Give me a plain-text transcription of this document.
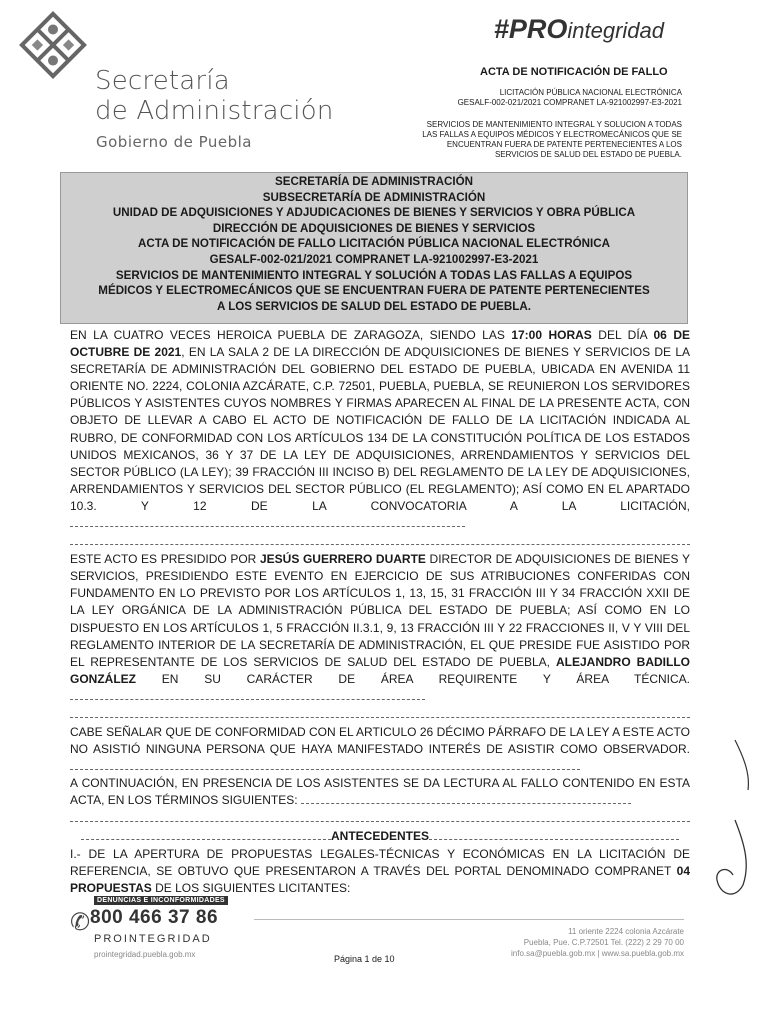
Secretaría
de Administración
Gobierno de Puebla
#PROintegridad
ACTA DE NOTIFICACIÓN DE FALLO
LICITACIÓN PÚBLICA NACIONAL ELECTRÓNICA
GESALF-002-021/2021 COMPRANET LA-921002997-E3-2021
SERVICIOS DE MANTENIMIENTO INTEGRAL Y SOLUCION A TODAS
LAS FALLAS A EQUIPOS MÉDICOS Y ELECTROMECÁNICOS QUE SE
ENCUENTRAN FUERA DE PATENTE PERTENECIENTES A LOS
SERVICIOS DE SALUD DEL ESTADO DE PUEBLA.
SECRETARÍA DE ADMINISTRACIÓN
SUBSECRETARÍA DE ADMINISTRACIÓN
UNIDAD DE ADQUISICIONES Y ADJUDICACIONES DE BIENES Y SERVICIOS Y OBRA PÚBLICA
DIRECCIÓN DE ADQUISICIONES DE BIENES Y SERVICIOS
ACTA DE NOTIFICACIÓN DE FALLO LICITACIÓN PÚBLICA NACIONAL ELECTRÓNICA
GESALF-002-021/2021 COMPRANET LA-921002997-E3-2021
SERVICIOS DE MANTENIMIENTO INTEGRAL Y SOLUCIÓN A TODAS LAS FALLAS A EQUIPOS
MÉDICOS Y ELECTROMECÁNICOS QUE SE ENCUENTRAN FUERA DE PATENTE PERTENECIENTES
A LOS SERVICIOS DE SALUD DEL ESTADO DE PUEBLA.

EN LA CUATRO VECES HEROICA PUEBLA DE ZARAGOZA, SIENDO LAS 17:00 HORAS DEL DÍA 06 DE OCTUBRE DE 2021, EN LA SALA 2 DE LA DIRECCIÓN DE ADQUISICIONES DE BIENES Y SERVICIOS DE LA SECRETARÍA DE ADMINISTRACIÓN DEL GOBIERNO DEL ESTADO DE PUEBLA, UBICADA EN AVENIDA 11 ORIENTE NO. 2224, COLONIA AZCÁRATE, C.P. 72501, PUEBLA, PUEBLA, SE REUNIERON LOS SERVIDORES PÚBLICOS Y ASISTENTES CUYOS NOMBRES Y FIRMAS APARECEN AL FINAL DE LA PRESENTE ACTA, CON OBJETO DE LLEVAR A CABO EL ACTO DE NOTIFICACIÓN DE FALLO DE LA LICITACIÓN INDICADA AL RUBRO, DE CONFORMIDAD CON LOS ARTÍCULOS 134 DE LA CONSTITUCIÓN POLÍTICA DE LOS ESTADOS UNIDOS MEXICANOS, 36 Y 37 DE LA LEY DE ADQUISICIONES, ARRENDAMIENTOS Y SERVICIOS DEL SECTOR PÚBLICO (LA LEY); 39 FRACCIÓN III INCISO B) DEL REGLAMENTO DE LA LEY DE ADQUISICIONES, ARRENDAMIENTOS Y SERVICIOS DEL SECTOR PÚBLICO (EL REGLAMENTO); ASÍ COMO EN EL APARTADO 10.3. Y 12 DE LA CONVOCATORIA A LA LICITACIÓN,

ESTE ACTO ES PRESIDIDO POR JESÚS GUERRERO DUARTE DIRECTOR DE ADQUISICIONES DE BIENES Y SERVICIOS, PRESIDIENDO ESTE EVENTO EN EJERCICIO DE SUS ATRIBUCIONES CONFERIDAS CON FUNDAMENTO EN LO PREVISTO POR LOS ARTÍCULOS 1, 13, 15, 31 FRACCIÓN III Y 34 FRACCIÓN XXII DE LA LEY ORGÁNICA DE LA ADMINISTRACIÓN PÚBLICA DEL ESTADO DE PUEBLA; ASÍ COMO EN LO DISPUESTO EN LOS ARTÍCULOS 1, 5 FRACCIÓN II.3.1, 9, 13 FRACCIÓN III Y 22 FRACCIONES II, V Y VIII DEL REGLAMENTO INTERIOR DE LA SECRETARÍA DE ADMINISTRACIÓN, EL QUE PRESIDE FUE ASISTIDO POR EL REPRESENTANTE DE LOS SERVICIOS DE SALUD DEL ESTADO DE PUEBLA, ALEJANDRO BADILLO GONZÁLEZ EN SU CARÁCTER DE ÁREA REQUIRENTE Y ÁREA TÉCNICA.

CABE SEÑALAR QUE DE CONFORMIDAD CON EL ARTICULO 26 DÉCIMO PÁRRAFO DE LA LEY A ESTE ACTO NO ASISTIÓ NINGUNA PERSONA QUE HAYA MANIFESTADO INTERÉS DE ASISTIR COMO OBSERVADOR.

A CONTINUACIÓN, EN PRESENCIA DE LOS ASISTENTES SE DA LECTURA AL FALLO CONTENIDO EN ESTA ACTA, EN LOS TÉRMINOS SIGUIENTES:

ANTECEDENTES

I.- DE LA APERTURA DE PROPUESTAS LEGALES-TÉCNICAS Y ECONÓMICAS EN LA LICITACIÓN DE REFERENCIA, SE OBTUVO QUE PRESENTARON A TRAVÉS DEL PORTAL DENOMINADO COMPRANET 04 PROPUESTAS DE LOS SIGUIENTES LICITANTES:

DENUNCIAS E INCONFORMIDADES
✆ 800 466 37 86
PROINTEGRIDAD
prointegridad.puebla.gob.mx
11 oriente 2224 colonia Azcárate
Puebla, Pue. C.P.72501 Tel. (222) 2 29 70 00
info.sa@puebla.gob.mx | www.sa.puebla.gob.mx
Página 1 de 10
